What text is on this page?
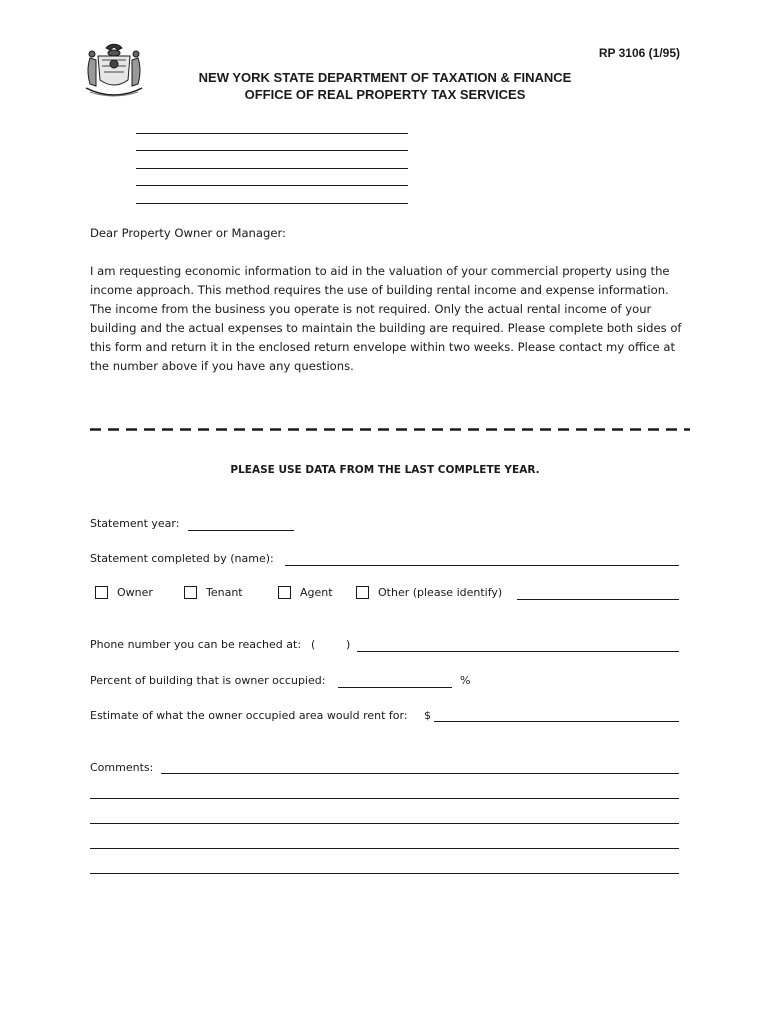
RP 3106 (1/95)
NEW YORK STATE DEPARTMENT OF TAXATION & FINANCE
OFFICE OF REAL PROPERTY TAX SERVICES
Dear Property Owner or Manager:
I am requesting economic information to aid in the valuation of your commercial property using the income approach. This method requires the use of building rental income and expense information. The income from the business you operate is not required. Only the actual rental income of your building and the actual expenses to maintain the building are required. Please complete both sides of this form and return it in the enclosed return envelope within two weeks. Please contact my office at the number above if you have any questions.
PLEASE USE DATA FROM THE LAST COMPLETE YEAR.
Statement year:
Statement completed by (name):
Owner	Tenant	Agent	Other (please identify)
Phone number you can be reached at: (	)
Percent of building that is owner occupied:	%
Estimate of what the owner occupied area would rent for: $
Comments:
